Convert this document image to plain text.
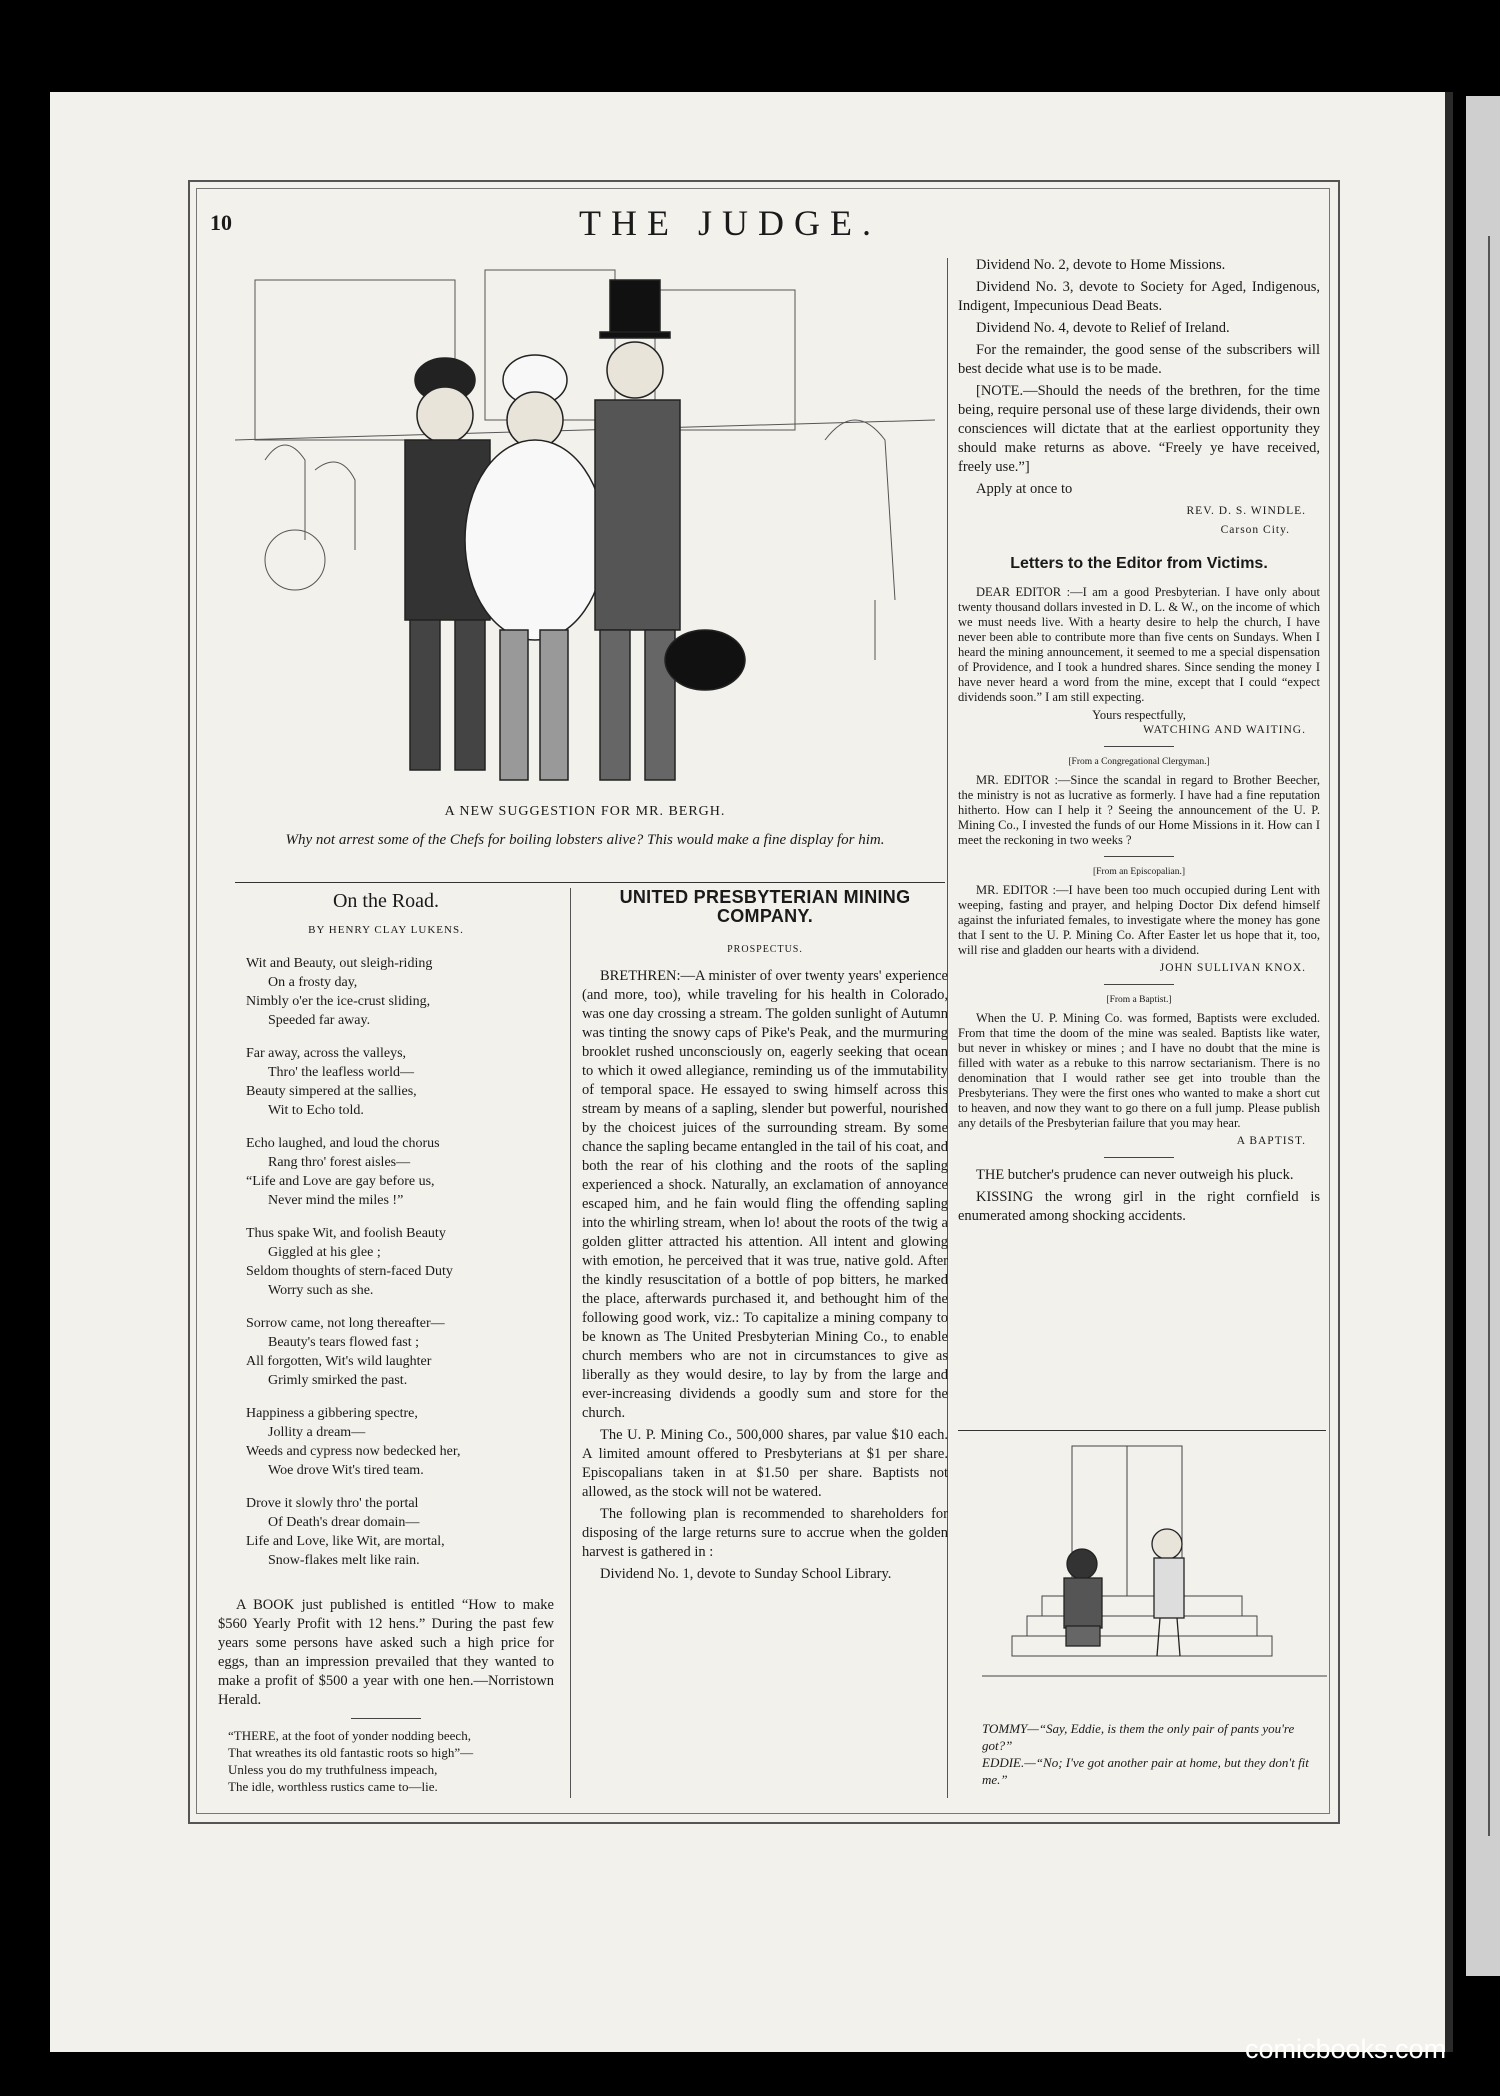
10	THE JUDGE.
A NEW SUGGESTION FOR MR. BERGH.
Why not arrest some of the Chefs for boiling lobsters alive? This would make a fine display for him.
On the Road.
BY HENRY CLAY LUKENS.
Wit and Beauty, out sleigh-riding
On a frosty day,
Nimbly o'er the ice-crust sliding,
Speeded far away.
Far away, across the valleys,
Thro' the leafless world—
Beauty simpered at the sallies,
Wit to Echo told.
Echo laughed, and loud the chorus
Rang thro' forest aisles—
“Life and Love are gay before us,
Never mind the miles !”
Thus spake Wit, and foolish Beauty
Giggled at his glee ;
Seldom thoughts of stern-faced Duty
Worry such as she.
Sorrow came, not long thereafter—
Beauty's tears flowed fast ;
All forgotten, Wit's wild laughter
Grimly smirked the past.
Happiness a gibbering spectre,
Jollity a dream—
Weeds and cypress now bedecked her,
Woe drove Wit's tired team.
Drove it slowly thro' the portal
Of Death's drear domain—
Life and Love, like Wit, are mortal,
Snow-flakes melt like rain.

A BOOK just published is entitled “How to make $560 Yearly Profit with 12 hens.” During the past few years some persons have asked such a high price for eggs, than an impression prevailed that they wanted to make a profit of $500 a year with one hen.—Norristown Herald.

“THERE, at the foot of yonder nodding beech,
That wreathes its old fantastic roots so high”—
Unless you do my truthfulness impeach,
The idle, worthless rustics came to—lie.
UNITED PRESBYTERIAN MINING COMPANY.
PROSPECTUS.

BRETHREN:—A minister of over twenty years' experience (and more, too), while traveling for his health in Colorado, was one day crossing a stream. The golden sunlight of Autumn was tinting the snowy caps of Pike's Peak, and the murmuring brooklet rushed unconsciously on, eagerly seeking that ocean to which it owed allegiance, reminding us of the immutability of temporal space. He essayed to swing himself across this stream by means of a sapling, slender but powerful, nourished by the choicest juices of the surrounding stream. By some chance the sapling became entangled in the tail of his coat, and both the rear of his clothing and the roots of the sapling experienced a shock. Naturally, an exclamation of annoyance escaped him, and he fain would fling the offending sapling into the whirling stream, when lo! about the roots of the twig a golden glitter attracted his attention. All intent and glowing with emotion, he perceived that it was true, native gold. After the kindly resuscitation of a bottle of pop bitters, he marked the place, afterwards purchased it, and bethought him of the following good work, viz.: To capitalize a mining company to be known as The United Presbyterian Mining Co., to enable church members who are not in circumstances to give as liberally as they would desire, to lay by from the large and ever-increasing dividends a goodly sum and store for the church.

The U. P. Mining Co., 500,000 shares, par value $10 each. A limited amount offered to Presbyterians at $1 per share. Episcopalians taken in at $1.50 per share. Baptists not allowed, as the stock will not be watered.

The following plan is recommended to shareholders for disposing of the large returns sure to accrue when the golden harvest is gathered in :

Dividend No. 1, devote to Sunday School Library.

Dividend No. 2, devote to Home Missions.

Dividend No. 3, devote to Society for Aged, Indigenous, Indigent, Impecunious Dead Beats.

Dividend No. 4, devote to Relief of Ireland.

For the remainder, the good sense of the subscribers will best decide what use is to be made.

[NOTE.—Should the needs of the brethren, for the time being, require personal use of these large dividends, their own consciences will dictate that at the earliest opportunity they should make returns as above. “Freely ye have received, freely use.”]

Apply at once to

REV. D. S. WINDLE.
Carson City.
Letters to the Editor from Victims.

DEAR EDITOR :—I am a good Presbyterian. I have only about twenty thousand dollars invested in D. L. & W., on the income of which we must needs live. With a hearty desire to help the church, I have never been able to contribute more than five cents on Sundays. When I heard the mining announcement, it seemed to me a special dispensation of Providence, and I took a hundred shares. Since sending the money I have never heard a word from the mine, except that I could “expect dividends soon.” I am still expecting.

Yours respectfully,
WATCHING AND WAITING.
[From a Congregational Clergyman.]

MR. EDITOR :—Since the scandal in regard to Brother Beecher, the ministry is not as lucrative as formerly. I have had a fine reputation hitherto. How can I help it ? Seeing the announcement of the U. P. Mining Co., I invested the funds of our Home Missions in it. How can I meet the reckoning in two weeks ?

[From an Episcopalian.]

MR. EDITOR :—I have been too much occupied during Lent with weeping, fasting and prayer, and helping Doctor Dix defend himself against the infuriated females, to investigate where the money has gone that I sent to the U. P. Mining Co. After Easter let us hope that it, too, will rise and gladden our hearts with a dividend.

JOHN SULLIVAN KNOX.
[From a Baptist.]

When the U. P. Mining Co. was formed, Baptists were excluded. From that time the doom of the mine was sealed. Baptists like water, but never in whiskey or mines ; and I have no doubt that the mine is filled with water as a rebuke to this narrow sectarianism. There is no denomination that I would rather see get into trouble than the Presbyterians. They were the first ones who wanted to make a short cut to heaven, and now they want to go there on a full jump. Please publish any details of the Presbyterian failure that you may hear.

A BAPTIST.

THE butcher's prudence can never outweigh his pluck.

KISSING the wrong girl in the right cornfield is enumerated among shocking accidents.

TOMMY—“Say, Eddie, is them the only pair of pants you're got?”
EDDIE.—“No; I've got another pair at home, but they don't fit me.”
comicbooks.com
